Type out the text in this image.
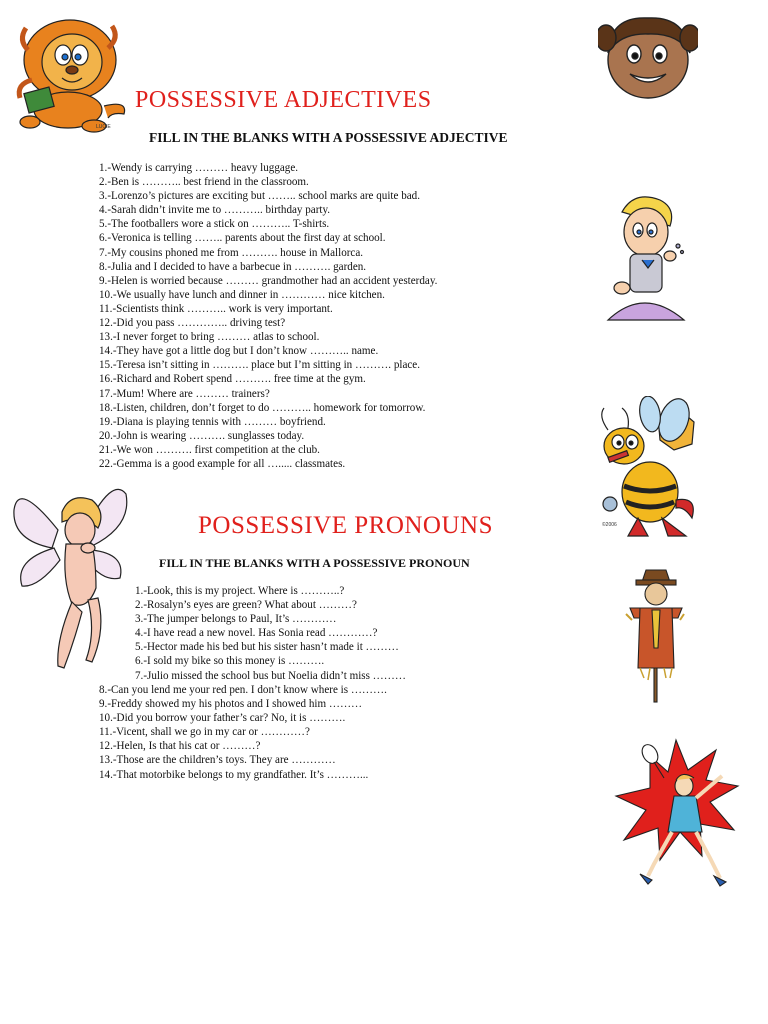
LUCIE
©2006
POSSESSIVE ADJECTIVES
FILL IN THE BLANKS WITH A POSSESSIVE ADJECTIVE
1.-Wendy is carrying ……… heavy luggage.
2.-Ben is ……….. best friend in the classroom.
3.-Lorenzo’s pictures are exciting but …….. school marks are quite bad.
4.-Sarah didn’t invite me to ……….. birthday party.
5.-The footballers wore a stick on ……….. T-shirts.
6.-Veronica is telling …….. parents about the first day at school.
7.-My cousins phoned me from ………. house in Mallorca.
8.-Julia and I decided to have a barbecue in ………. garden.
9.-Helen is worried because ……… grandmother had an accident yesterday.
10.-We usually have lunch and dinner in ………… nice kitchen.
11.-Scientists think ……….. work is very important.
12.-Did you pass ………….. driving test?
13.-I never forget to bring ……… atlas to school.
14.-They have got a little dog but I don’t know ……….. name.
15.-Teresa isn’t sitting in ………. place but I’m sitting in ………. place.
16.-Richard and Robert spend ………. free time at the gym.
17.-Mum! Where are ……… trainers?
18.-Listen, children, don’t forget to do ……….. homework for tomorrow.
19.-Diana is playing tennis with ……… boyfriend.
20.-John is wearing ………. sunglasses today.
21.-We won ………. first competition at the club.
22.-Gemma is a good example for all …..... classmates.
POSSESSIVE PRONOUNS
FILL IN THE BLANKS WITH A POSSESSIVE PRONOUN
1.-Look, this is my project. Where is ………..?
2.-Rosalyn’s eyes are green? What about ………?
3.-The jumper belongs to Paul, It’s …………
4.-I have read a new novel. Has Sonia read …………?
5.-Hector made his bed but his sister hasn’t made it ………
6.-I sold my bike so this money is ……….
7.-Julio missed the school bus but Noelia didn’t miss ………
8.-Can you lend me your red pen. I don’t know where is ……….
9.-Freddy showed my his photos and I showed him ………
10.-Did you borrow your father’s car? No, it is ……….
11.-Vicent, shall we go in my car or …………?
12.-Helen, Is that his cat or ………?
13.-Those are the children’s toys. They are …………
14.-That motorbike belongs to my grandfather. It’s ………...
